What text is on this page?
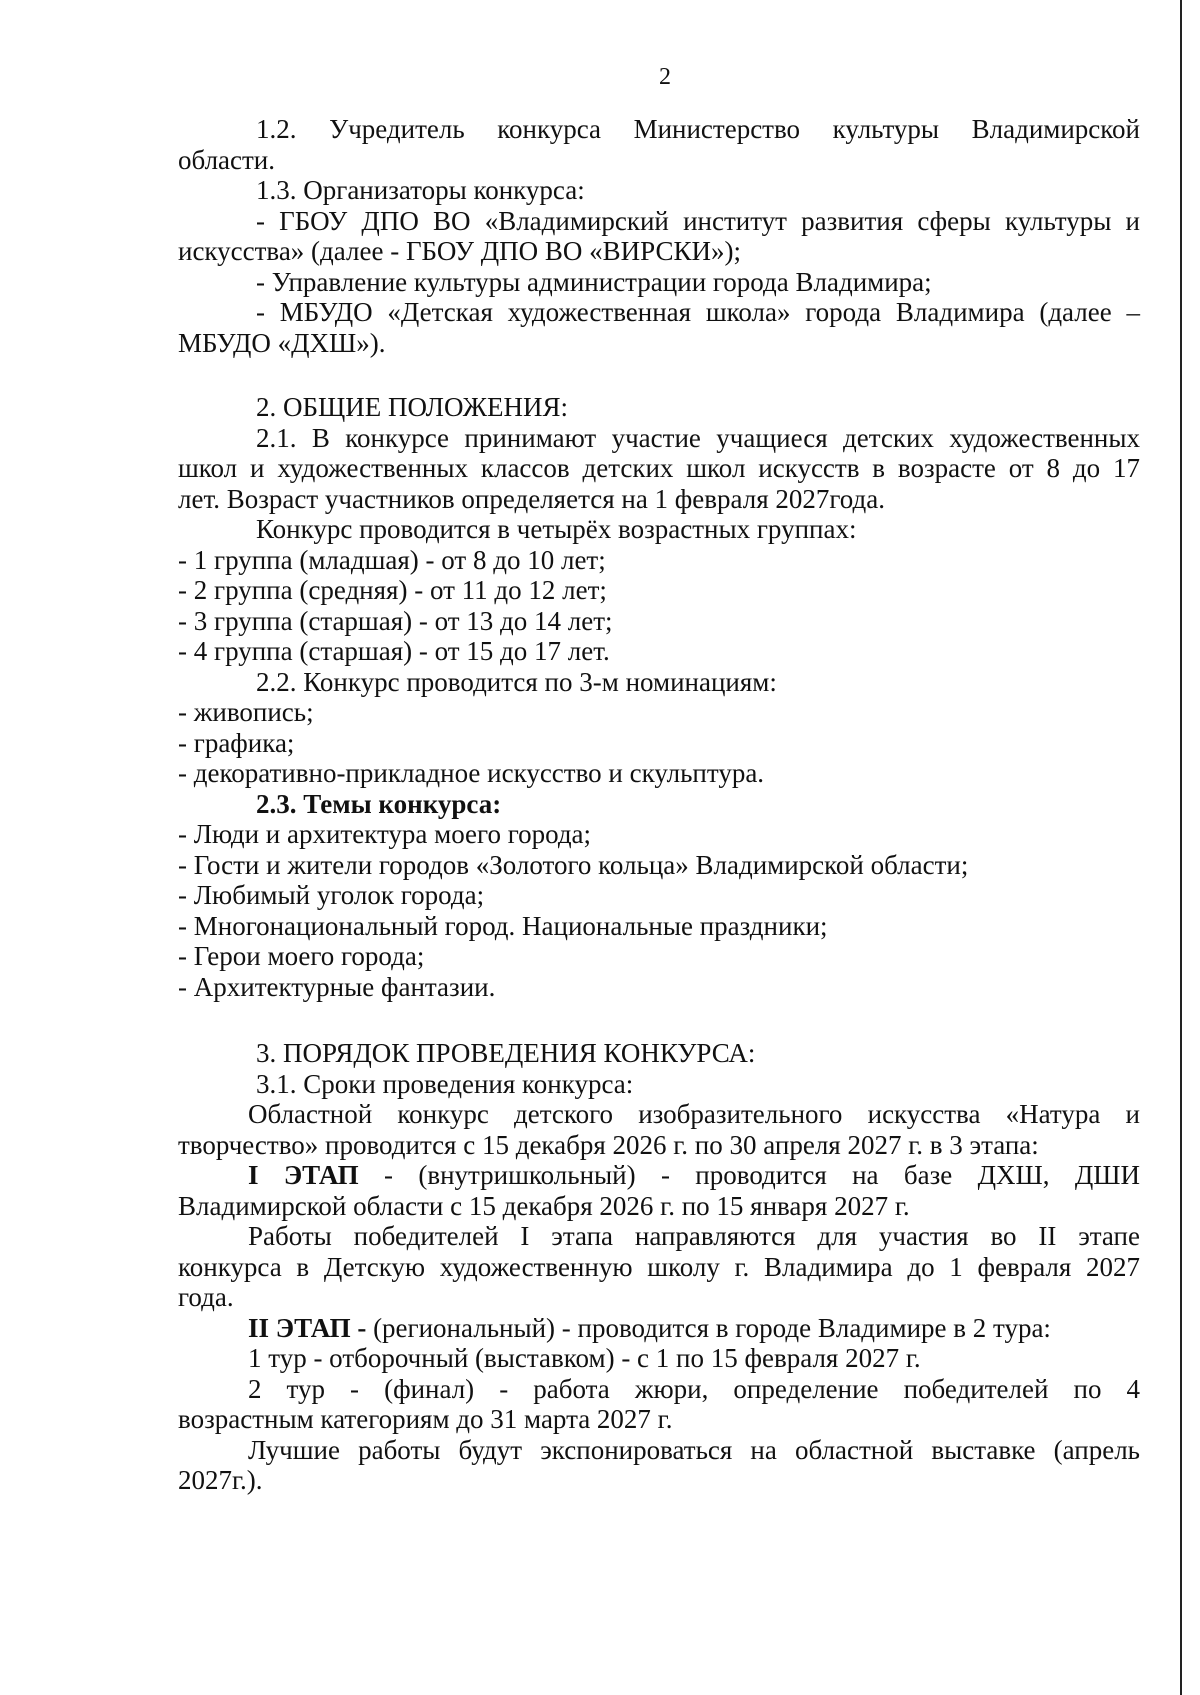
2

1.2. Учредитель конкурса Министерство культуры Владимирской

области.

1.3. Организаторы конкурса:

- ГБОУ ДПО ВО «Владимирский институт развития сферы культуры и

искусства» (далее - ГБОУ ДПО ВО «ВИРСКИ»);

- Управление культуры администрации города Владимира;

- МБУДО «Детская художественная школа» города Владимира (далее –

МБУДО «ДХШ»).

2. ОБЩИЕ ПОЛОЖЕНИЯ:

2.1. В конкурсе принимают участие учащиеся детских художественных

школ и художественных классов детских школ искусств в возрасте от 8 до 17

лет. Возраст участников определяется на 1 февраля 2027года.

Конкурс проводится в четырёх возрастных группах:

- 1 группа (младшая) - от 8 до 10 лет;

- 2 группа (средняя) - от 11 до 12 лет;

- 3 группа (старшая) - от 13 до 14 лет;

- 4 группа (старшая) - от 15 до 17 лет.

2.2. Конкурс проводится по 3-м номинациям:

- живопись;

- графика;

- декоративно-прикладное искусство и скульптура.

2.3. Темы конкурса:

- Люди и архитектура моего города;

- Гости и жители городов «Золотого кольца» Владимирской области;

- Любимый уголок города;

- Многонациональный город. Национальные праздники;

- Герои моего города;

- Архитектурные фантазии.

3. ПОРЯДОК ПРОВЕДЕНИЯ КОНКУРСА:

3.1. Сроки проведения конкурса:

Областной конкурс детского изобразительного искусства «Натура и

творчество» проводится с 15 декабря 2026 г. по 30 апреля 2027 г. в 3 этапа:

I ЭТАП - (внутришкольный) - проводится на базе ДХШ, ДШИ

Владимирской области с 15 декабря 2026 г. по 15 января 2027 г.

Работы победителей I этапа направляются для участия во II этапе

конкурса в Детскую художественную школу г. Владимира до 1 февраля 2027

года.

II ЭТАП - (региональный) - проводится в городе Владимире в 2 тура:

1 тур - отборочный (выставком) - с 1 по 15 февраля 2027 г.

2 тур - (финал) - работа жюри, определение победителей по 4

возрастным категориям до 31 марта 2027 г.

Лучшие работы будут экспонироваться на областной выставке (апрель

2027г.).
